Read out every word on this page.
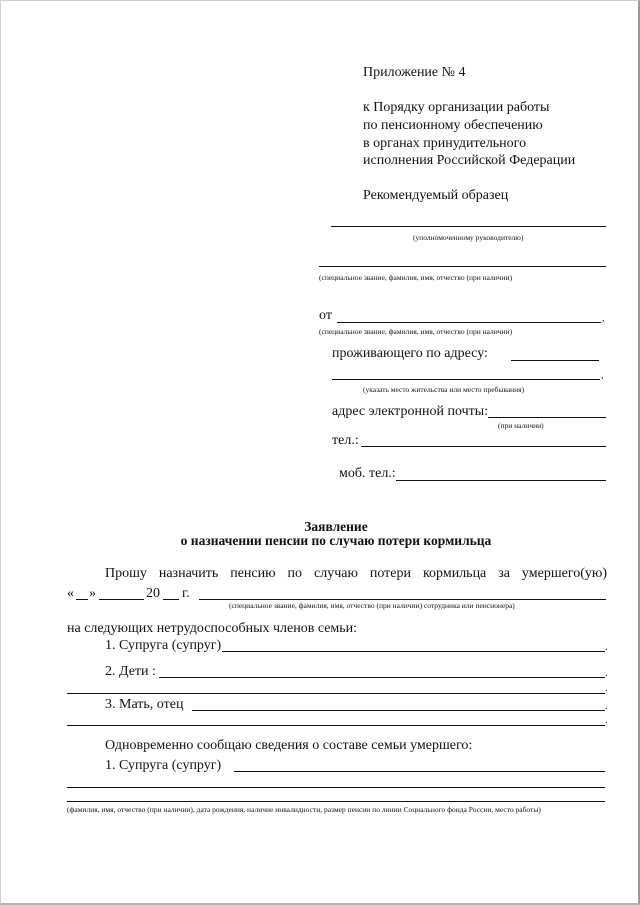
Приложение № 4
к Порядку организации работы
по пенсионному обеспечению
в органах принудительного
исполнения Российской Федерации
Рекомендуемый образец
(уполномоченному руководителю)
(специальное звание, фамилия, имя, отчество (при наличии)
от	,
(специальное звание, фамилия, имя, отчество (при наличии)
проживающего по адресу:
,
(указать место жительства или место пребывания)
адрес электронной почты:
(при наличии)
тел.:
моб. тел.:
Заявление
о назначении пенсии по случаю потери кормильца
Прошу назначить пенсию по случаю потери кормильца за умершего(ую)
« »	20 г.
(специальное звание, фамилия, имя, отчество (при наличии) сотрудника или пенсионера)
на следующих нетрудоспособных членов семьи:
1. Супруга (супруг)	.
2. Дети :	.
.
3. Мать, отец	.
.
Одновременно сообщаю сведения о составе семьи умершего:
1. Супруга (супруг)
(фамилия, имя, отчество (при наличии), дата рождения, наличие инвалидности, размер пенсии по линии Социального фонда России, место работы)
